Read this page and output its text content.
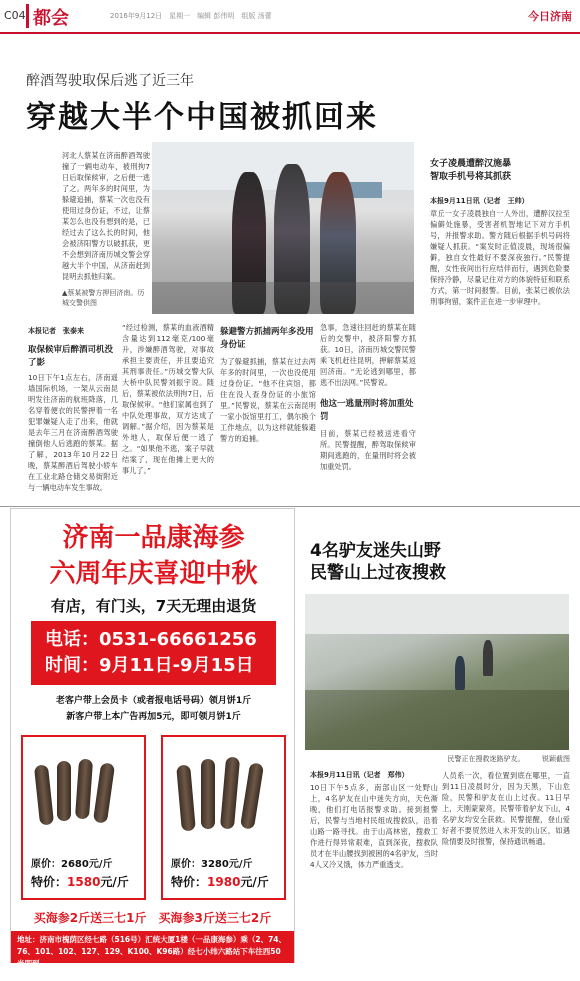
C04 都会	2016年9月12日　星期一　编辑 彭伟明　组版 汤蕾	今日济南
醉酒驾驶取保后逃了近三年
穿越大半个中国被抓回来
河北人蔡某在济南醉酒驾驶撞了一辆电动车，被刑拘7日后取保候审，之后便一逃了之。两年多的时间里，为躲避追捕，蔡某一次也没有使用过身份证，不过，让蔡某怎么也没有想到的是，已经过去了这么长的时间，他会被济阳警方以破抓获，更不会想到济南历城交警会穿越大半个中国，从济南赶到昆明去抓他归案。
▲蔡某被警方押回济南。历城交警供图
本报记者　张泰来
取保候审后醉酒司机没了影
10日下午1点左右，济南遥墙国际机场，一架从云南昆明发往济南的航班降落，几名穿着便衣的民警押着一名犯罪嫌疑人走了出来，他就是去年三月在济南醉酒驾驶撞倒他人后逃跑的蔡某。据了解，2013年10月22日晚，蔡某醉酒后驾驶小轿车在工业北路仓储交易街附近与一辆电动车发生事故。
“经过检测，蔡某的血液酒精含量达到112毫克/100毫升，涉嫌醉酒驾驶，对事故承担主要责任，并且要追究其刑事责任。”历城交警大队大桥中队民警刘振宇说。随后，蔡某被依法刑拘7日，后取保候审。“他们家属也到了中队处理事故，双方达成了调解。”据介绍，因为蔡某是外地人，取保后便一逃了之。“如果他不逃，案子早就结案了，现在他摊上更大的事儿了。”
躲避警方抓捕两年多没用身份证
为了躲避抓捕，蔡某在过去两年多的时间里，一次也没使用过身份证。“他不住宾馆，都住在没人查身份证的小旅馆里。”民警说，蔡某在云南昆明一家小饭馆里打工，偶尔换个工作地点，以为这样就能躲避警方的追捕。
急事，急速往回赶的蔡某在随后的交警中，被济阳警方抓获。10日，济南历城交警民警乘飞机赶往昆明，押解蔡某返回济南。“无论逃到哪里，都逃不出法网。”民警说。
他这一逃量刑时将加重处罚
目前，蔡某已经被送进看守所。民警提醒，醉驾取保候审期间逃跑的，在量刑时将会被加重处罚。
女子凌晨遭醉汉施暴
智取手机号将其抓获
本报9月11日讯（记者　王帅）
章丘一女子凌晨独自一人外出，遭醉汉拉至偏僻处施暴，受害者机智地记下对方手机号，并报警求助。警方随后根据手机号码将嫌疑人抓获。“案发时正值凌晨，现场很偏僻，独自女性最好不要深夜独行。”民警提醒，女性夜间出行应结伴而行，遇到危险要保持冷静，尽量记住对方的体貌特征和联系方式，第一时间报警。目前，张某已被依法刑事拘留，案件正在进一步审理中。
济南一品康海参
六周年庆喜迎中秋
有店，有门头，7天无理由退货
电话：0531-66661256
时间：9月11日-9月15日
老客户带上会员卡（或者报电话号码）领月饼1斤
新客户带上本广告再加5元，即可领月饼1斤
原价：2680元/斤
特价：1580元/斤
原价：3280元/斤
特价：1980元/斤
买海参2斤送三七1斤　买海参3斤送三七2斤
地址：济南市槐荫区经七路（516号）汇统大厦1楼（一品康海参）乘（2、74、76、101、102、127、129、K100、K96路）经七小纬六路站下车往西50米即到。
4名驴友迷失山野
民警山上过夜搜救
民警正在搜救迷路驴友。　　　锐颖截图
本报9月11日讯（记者　郑伟）
10日下午5点多，南部山区一处野山上，4名驴友在山中迷失方向，天色渐晚，他们打电话报警求助。接到报警后，民警与当地村民组成搜救队，沿着山路一路寻找。由于山高林密，搜救工作进行得异常艰难，直到深夜，搜救队员才在半山腰找到被困的4名驴友，当时4人又冷又饿，体力严重透支。
人员系一次，看位置到底在哪里，一直到11日凌晨时分，因为天黑，下山危险，民警和驴友在山上过夜。11日早上，天刚蒙蒙亮，民警带着驴友下山，4名驴友均安全获救。民警提醒，登山爱好者不要贸然进入未开发的山区，如遇险情要及时报警，保持通讯畅通。
